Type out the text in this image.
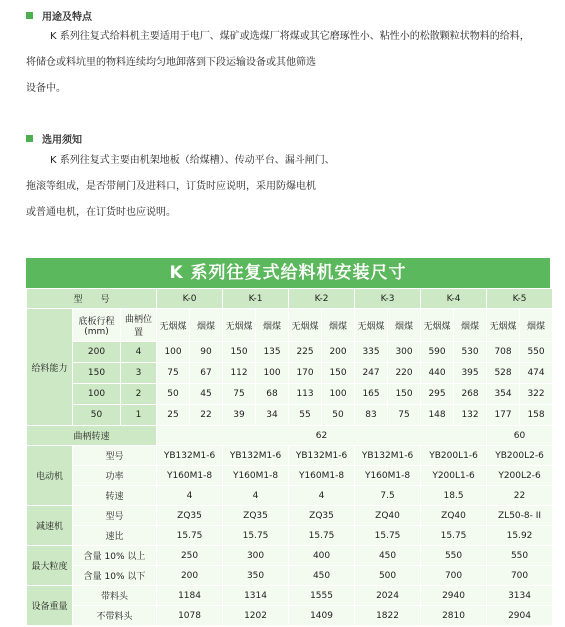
用途及特点
K 系列往复式给料机主要适用于电厂、煤矿或选煤厂将煤或其它磨琢性小、粘性小的松散颗粒状物料的给料，
将储仓或料坑里的物料连续均匀地卸落到下段运输设备或其他筛选
设备中。
选用须知
K 系列往复式主要由机架地板（给煤槽）、传动平台、漏斗闸门、
拖滚等组成，是否带闸门及进料口，订货时应说明，采用防爆电机
或普通电机，在订货时也应说明。
K 系列往复式给料机安装尺寸
型　　号			K-0		K-1		K-2		K-3		K-4		K-5	
给料能力	底板行程 (mm)	曲柄位置	无烟煤	烟煤	无烟煤	烟煤	无烟煤	烟煤	无烟煤	烟煤	无烟煤	烟煤	无烟煤	烟煤
	200	4	100	90	150	135	225	200	335	300	590	530	708	550
	150	3	75	67	112	100	170	150	247	220	440	395	528	474
	100	2	50	45	75	68	113	100	165	150	295	268	354	322
	50	1	25	22	39	34	55	50	83	75	148	132	177	158
曲柄转速			62										60	
电动机	型号		YB132M1-6		YB132M1-6		YB132M1-6		YB132M1-6		YB200L1-6		YB200L2-6	
	功率		Y160M1-8		Y160M1-8		Y160M1-8		Y160M1-8		Y200L1-6		Y200L2-6	
	转速		4		4		4		7.5		18.5		22	
减速机	型号		ZQ35		ZQ35		ZQ35		ZQ40		ZQ40		ZL50-8- II	
	速比		15.75		15.75		15.75		15.75		15.75		15.92	
最大粒度	含量 10% 以上		250		300		400		450		550		550	
	含量 10% 以下		200		350		450		500		700		700	
设备重量	带料头		1184		1314		1555		2024		2940		3134	
	不带料头		1078		1202		1409		1822		2810		2904	
